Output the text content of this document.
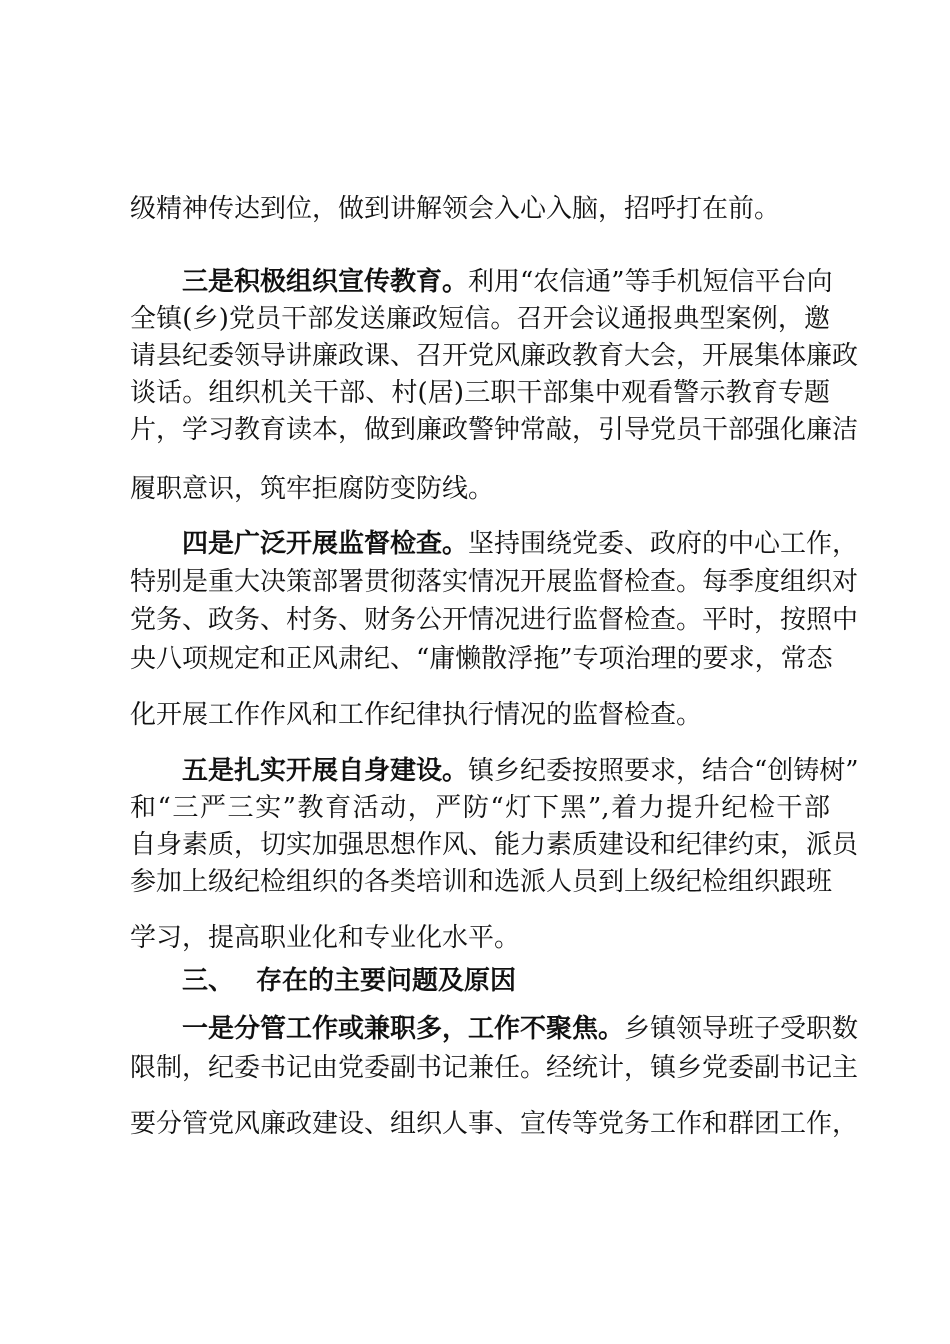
级精神传达到位，做到讲解领会入心入脑，招呼打在前。
三是积极组织宣传教育。利用“农信通”等手机短信平台向
全镇(乡)党员干部发送廉政短信。召开会议通报典型案例，邀
请县纪委领导讲廉政课、召开党风廉政教育大会，开展集体廉政
谈话。组织机关干部、村(居)三职干部集中观看警示教育专题
片，学习教育读本，做到廉政警钟常敲，引导党员干部强化廉洁
履职意识，筑牢拒腐防变防线。
四是广泛开展监督检查。坚持围绕党委、政府的中心工作，
特别是重大决策部署贯彻落实情况开展监督检查。每季度组织对
党务、政务、村务、财务公开情况进行监督检查。平时，按照中
央八项规定和正风肃纪、“庸懒散浮拖”专项治理的要求，常态
化开展工作作风和工作纪律执行情况的监督检查。
五是扎实开展自身建设。镇乡纪委按照要求，结合“创铸树”
和“三严三实”教育活动，严防“灯下黑”,着力提升纪检干部
自身素质，切实加强思想作风、能力素质建设和纪律约束，派员
参加上级纪检组织的各类培训和选派人员到上级纪检组织跟班
学习，提高职业化和专业化水平。
三、 存在的主要问题及原因
一是分管工作或兼职多，工作不聚焦。乡镇领导班子受职数
限制，纪委书记由党委副书记兼任。经统计，镇乡党委副书记主
要分管党风廉政建设、组织人事、宣传等党务工作和群团工作，
